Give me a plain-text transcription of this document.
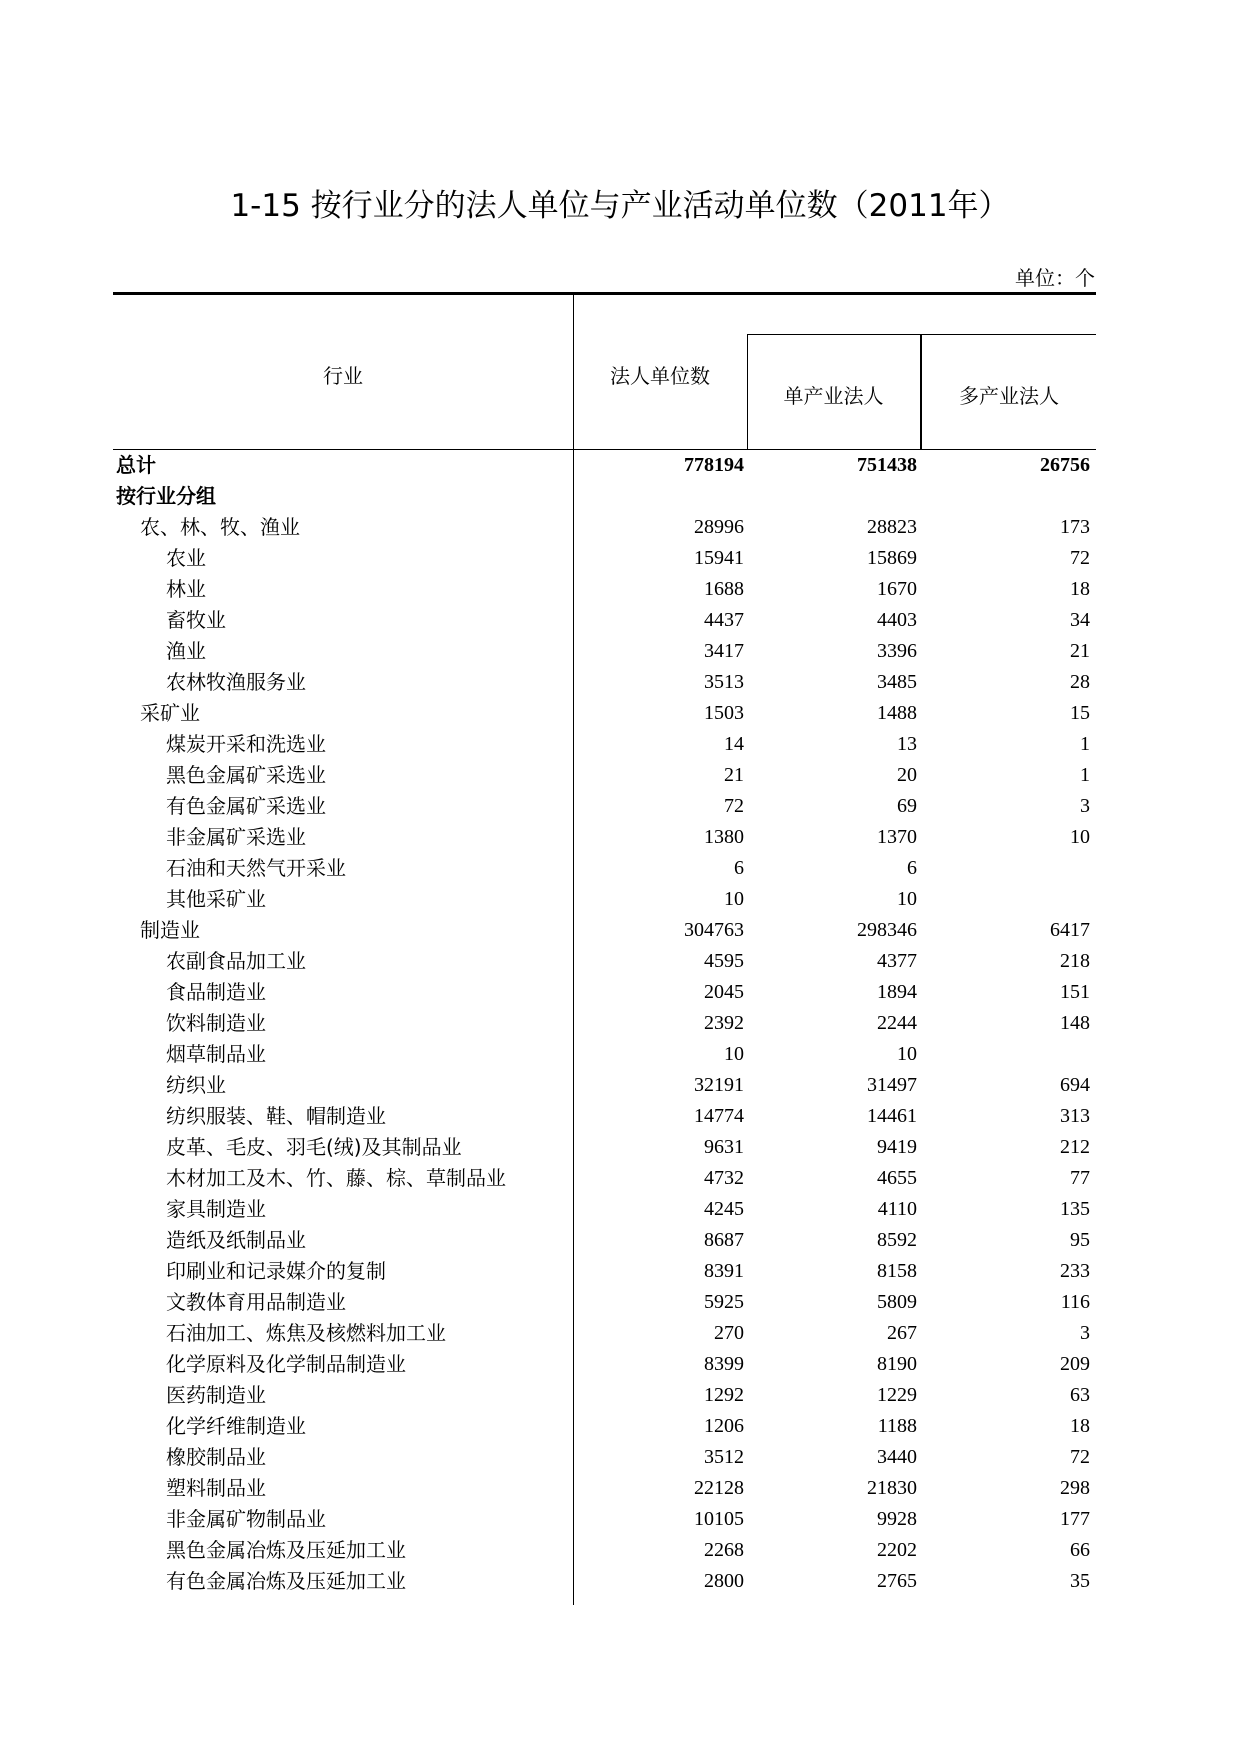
1-15 按行业分的法人单位与产业活动单位数（2011年）
单位：个
行业	法人单位数
单产业法人	多产业法人
总计	778194	751438	26756
按行业分组
农、林、牧、渔业	28996	28823	173
农业	15941	15869	72
林业	1688	1670	18
畜牧业	4437	4403	34
渔业	3417	3396	21
农林牧渔服务业	3513	3485	28
采矿业	1503	1488	15
煤炭开采和洗选业	14	13	1
黑色金属矿采选业	21	20	1
有色金属矿采选业	72	69	3
非金属矿采选业	1380	1370	10
石油和天然气开采业	6	6
其他采矿业	10	10
制造业	304763	298346	6417
农副食品加工业	4595	4377	218
食品制造业	2045	1894	151
饮料制造业	2392	2244	148
烟草制品业	10	10
纺织业	32191	31497	694
纺织服装、鞋、帽制造业	14774	14461	313
皮革、毛皮、羽毛(绒)及其制品业	9631	9419	212
木材加工及木、竹、藤、棕、草制品业	4732	4655	77
家具制造业	4245	4110	135
造纸及纸制品业	8687	8592	95
印刷业和记录媒介的复制	8391	8158	233
文教体育用品制造业	5925	5809	116
石油加工、炼焦及核燃料加工业	270	267	3
化学原料及化学制品制造业	8399	8190	209
医药制造业	1292	1229	63
化学纤维制造业	1206	1188	18
橡胶制品业	3512	3440	72
塑料制品业	22128	21830	298
非金属矿物制品业	10105	9928	177
黑色金属冶炼及压延加工业	2268	2202	66
有色金属冶炼及压延加工业	2800	2765	35
